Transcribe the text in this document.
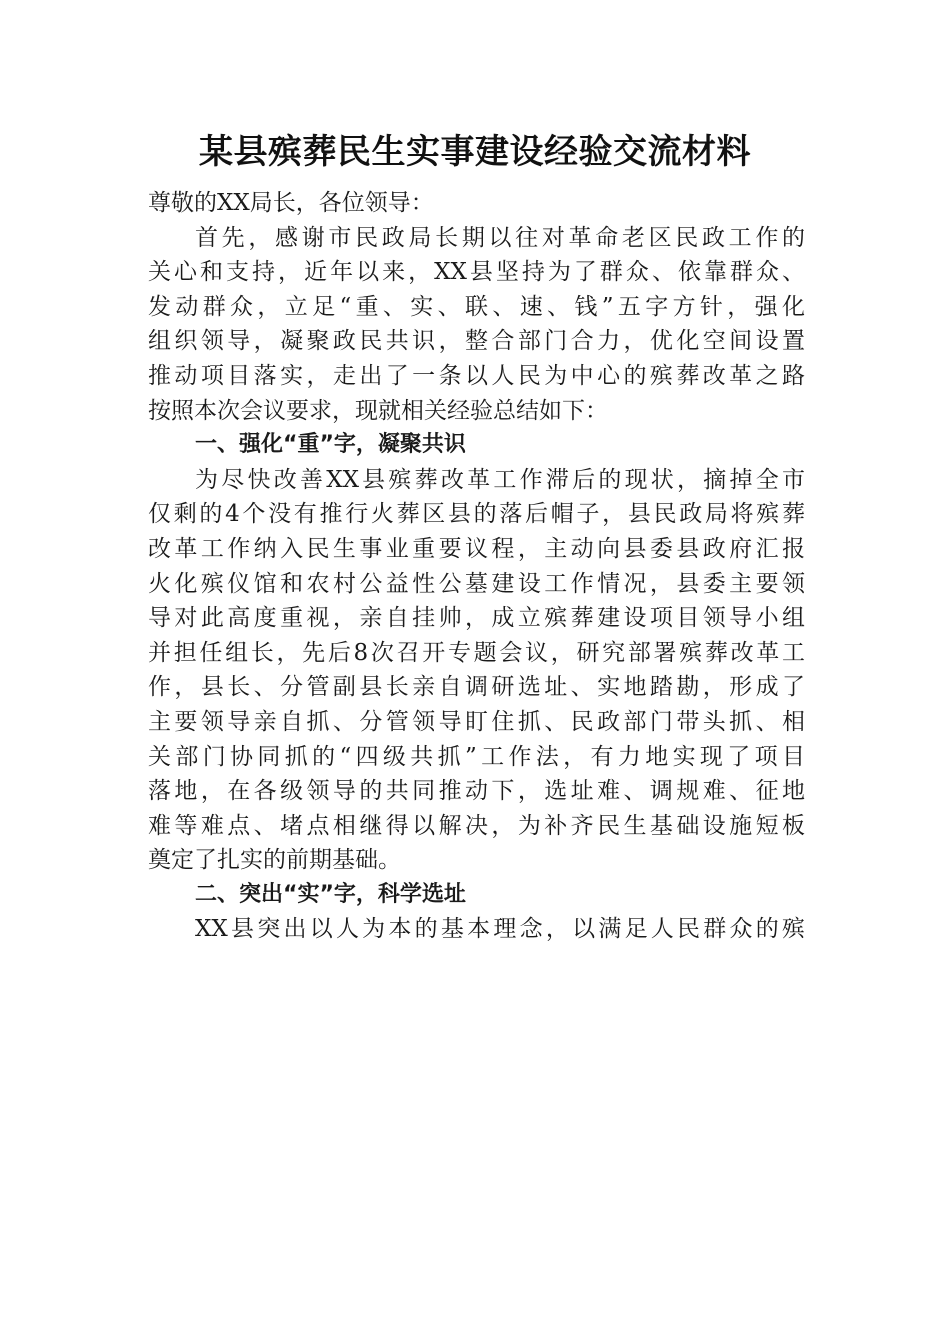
某县殡葬民生实事建设经验交流材料
尊敬的XX局长，各位领导：
首先，感谢市民政局长期以往对革命老区民政工作的
关心和支持，近年以来，XX县坚持为了群众、依靠群众、
发动群众，立足“重、实、联、速、钱”五字方针，强化
组织领导，凝聚政民共识，整合部门合力，优化空间设置
推动项目落实，走出了一条以人民为中心的殡葬改革之路
按照本次会议要求，现就相关经验总结如下：
一、强化“重”字，凝聚共识
为尽快改善XX县殡葬改革工作滞后的现状，摘掉全市
仅剩的4个没有推行火葬区县的落后帽子，县民政局将殡葬
改革工作纳入民生事业重要议程，主动向县委县政府汇报
火化殡仪馆和农村公益性公墓建设工作情况，县委主要领
导对此高度重视，亲自挂帅，成立殡葬建设项目领导小组
并担任组长，先后8次召开专题会议，研究部署殡葬改革工
作，县长、分管副县长亲自调研选址、实地踏勘，形成了
主要领导亲自抓、分管领导盯住抓、民政部门带头抓、相
关部门协同抓的“四级共抓”工作法，有力地实现了项目
落地，在各级领导的共同推动下，选址难、调规难、征地
难等难点、堵点相继得以解决，为补齐民生基础设施短板
奠定了扎实的前期基础。
二、突出“实”字，科学选址
XX县突出以人为本的基本理念，以满足人民群众的殡
